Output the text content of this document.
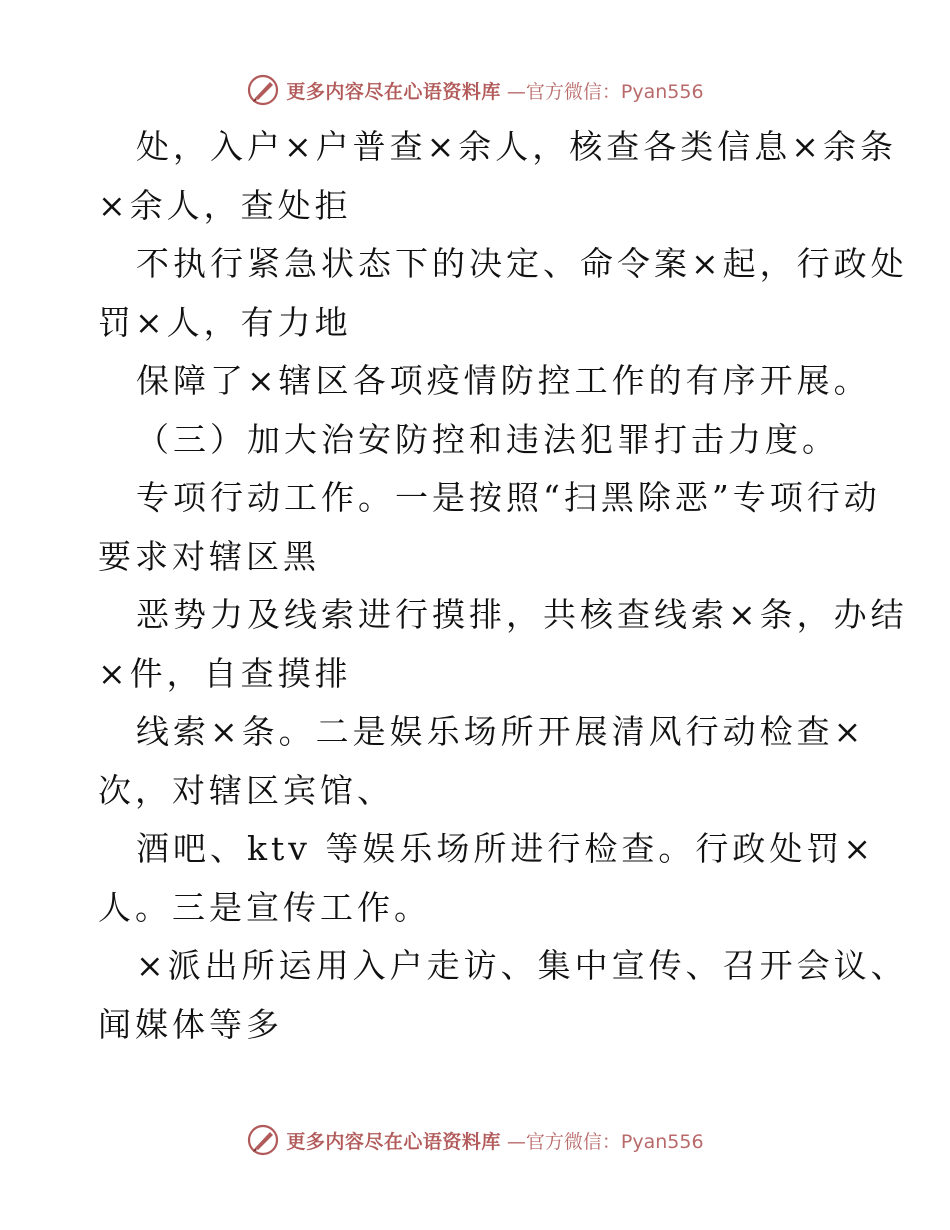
更多内容尽在心语资料库 —官方微信：Pyan556
处，入户×户普查×余人，核查各类信息×余条
×余人，查处拒
不执行紧急状态下的决定、命令案×起，行政处
罚×人，有力地
保障了×辖区各项疫情防控工作的有序开展。
（三）加大治安防控和违法犯罪打击力度。
专项行动工作。一是按照“扫黑除恶”专项行动
要求对辖区黑
恶势力及线索进行摸排，共核查线索×条，办结
×件，自查摸排
线索×条。二是娱乐场所开展清风行动检查×
次，对辖区宾馆、
酒吧、ktv 等娱乐场所进行检查。行政处罚×
人。三是宣传工作。
×派出所运用入户走访、集中宣传、召开会议、
闻媒体等多
更多内容尽在心语资料库 —官方微信：Pyan556
